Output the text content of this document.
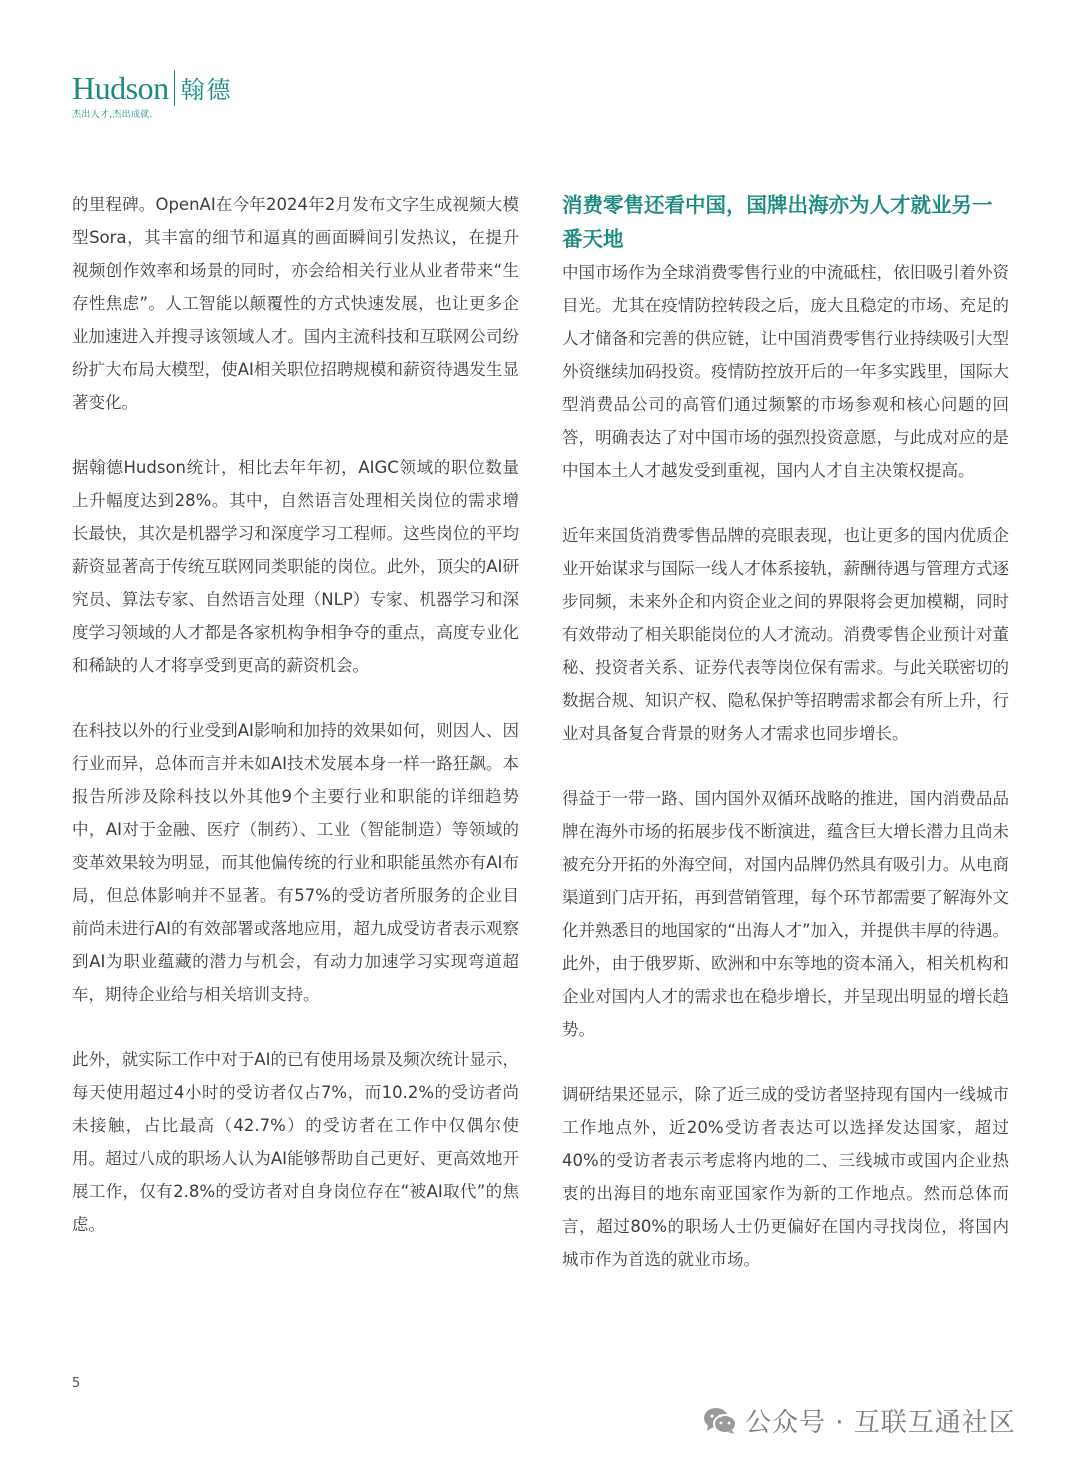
Hudson 翰德
杰出人才,杰出成就.

的里程碑。OpenAI在今年2024年2月发布文字生成视频大模型Sora，其丰富的细节和逼真的画面瞬间引发热议，在提升视频创作效率和场景的同时，亦会给相关行业从业者带来“生存性焦虑”。人工智能以颠覆性的方式快速发展，也让更多企业加速进入并搜寻该领域人才。国内主流科技和互联网公司纷纷扩大布局大模型，使AI相关职位招聘规模和薪资待遇发生显著变化。

据翰德Hudson统计，相比去年年初，AIGC领域的职位数量上升幅度达到28%。其中，自然语言处理相关岗位的需求增长最快，其次是机器学习和深度学习工程师。这些岗位的平均薪资显著高于传统互联网同类职能的岗位。此外，顶尖的AI研究员、算法专家、自然语言处理（NLP）专家、机器学习和深度学习领域的人才都是各家机构争相争夺的重点，高度专业化和稀缺的人才将享受到更高的薪资机会。

在科技以外的行业受到AI影响和加持的效果如何，则因人、因行业而异，总体而言并未如AI技术发展本身一样一路狂飙。本报告所涉及除科技以外其他9个主要行业和职能的详细趋势中，AI对于金融、医疗（制药）、工业（智能制造）等领域的变革效果较为明显，而其他偏传统的行业和职能虽然亦有AI布局，但总体影响并不显著。有57%的受访者所服务的企业目前尚未进行AI的有效部署或落地应用，超九成受访者表示观察到AI为职业蕴藏的潜力与机会，有动力加速学习实现弯道超车，期待企业给与相关培训支持。

此外，就实际工作中对于AI的已有使用场景及频次统计显示，每天使用超过4小时的受访者仅占7%，而10.2%的受访者尚未接触，占比最高（42.7%）的受访者在工作中仅偶尔使用。超过八成的职场人认为AI能够帮助自己更好、更高效地开展工作，仅有2.8%的受访者对自身岗位存在“被AI取代”的焦虑。

消费零售还看中国，国牌出海亦为人才就业另一番天地

中国市场作为全球消费零售行业的中流砥柱，依旧吸引着外资目光。尤其在疫情防控转段之后，庞大且稳定的市场、充足的人才储备和完善的供应链，让中国消费零售行业持续吸引大型外资继续加码投资。疫情防控放开后的一年多实践里，国际大型消费品公司的高管们通过频繁的市场参观和核心问题的回答，明确表达了对中国市场的强烈投资意愿，与此成对应的是中国本土人才越发受到重视，国内人才自主决策权提高。

近年来国货消费零售品牌的亮眼表现，也让更多的国内优质企业开始谋求与国际一线人才体系接轨，薪酬待遇与管理方式逐步同频，未来外企和内资企业之间的界限将会更加模糊，同时有效带动了相关职能岗位的人才流动。消费零售企业预计对董秘、投资者关系、证券代表等岗位保有需求。与此关联密切的数据合规、知识产权、隐私保护等招聘需求都会有所上升，行业对具备复合背景的财务人才需求也同步增长。

得益于一带一路、国内国外双循环战略的推进，国内消费品品牌在海外市场的拓展步伐不断演进，蕴含巨大增长潜力且尚未被充分开拓的外海空间，对国内品牌仍然具有吸引力。从电商渠道到门店开拓，再到营销管理，每个环节都需要了解海外文化并熟悉目的地国家的“出海人才”加入，并提供丰厚的待遇。此外，由于俄罗斯、欧洲和中东等地的资本涌入，相关机构和企业对国内人才的需求也在稳步增长，并呈现出明显的增长趋势。

调研结果还显示，除了近三成的受访者坚持现有国内一线城市工作地点外，近20%受访者表达可以选择发达国家，超过40%的受访者表示考虑将内地的二、三线城市或国内企业热衷的出海目的地东南亚国家作为新的工作地点。然而总体而言，超过80%的职场人士仍更偏好在国内寻找岗位，将国内城市作为首选的就业市场。

5
公众号 · 互联互通社区
